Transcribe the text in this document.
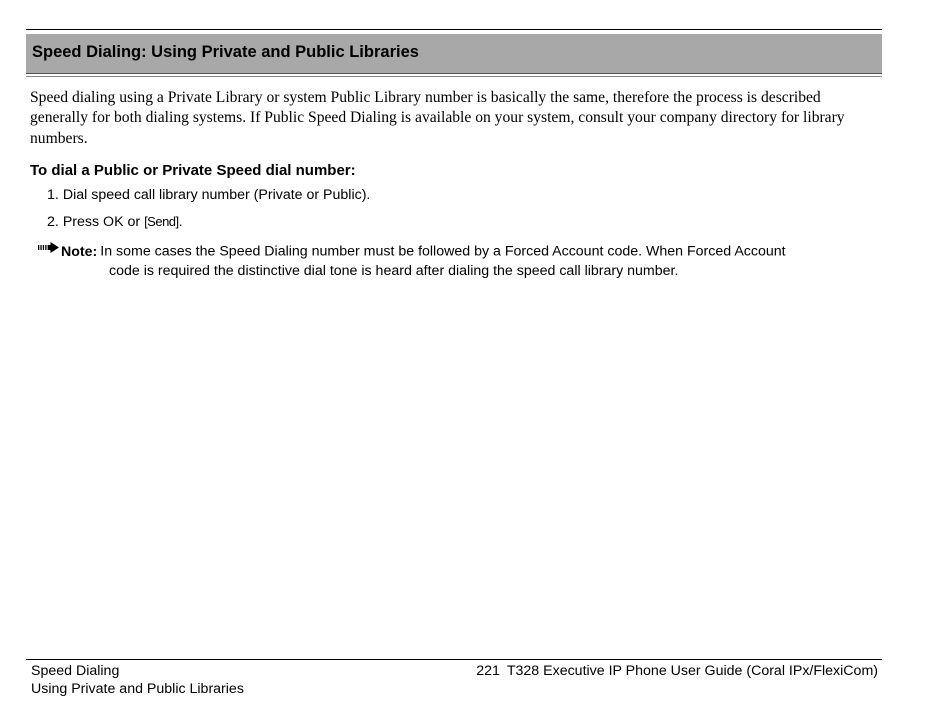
Speed Dialing: Using Private and Public Libraries

Speed dialing using a Private Library or system Public Library number is basically the same, therefore the process is described generally for both dialing systems. If Public Speed Dialing is available on your system, consult your company directory for library numbers.

To dial a Public or Private Speed dial number:
1. Dial speed call library number (Private or Public).
2. Press OK or [Send].
Note: In some cases the Speed Dialing number must be followed by a Forced Account code. When Forced Account
code is required the distinctive dial tone is heard after dialing the speed call library number.
Speed Dialing
Using Private and Public Libraries
221 T328 Executive IP Phone User Guide (Coral IPx/FlexiCom)
